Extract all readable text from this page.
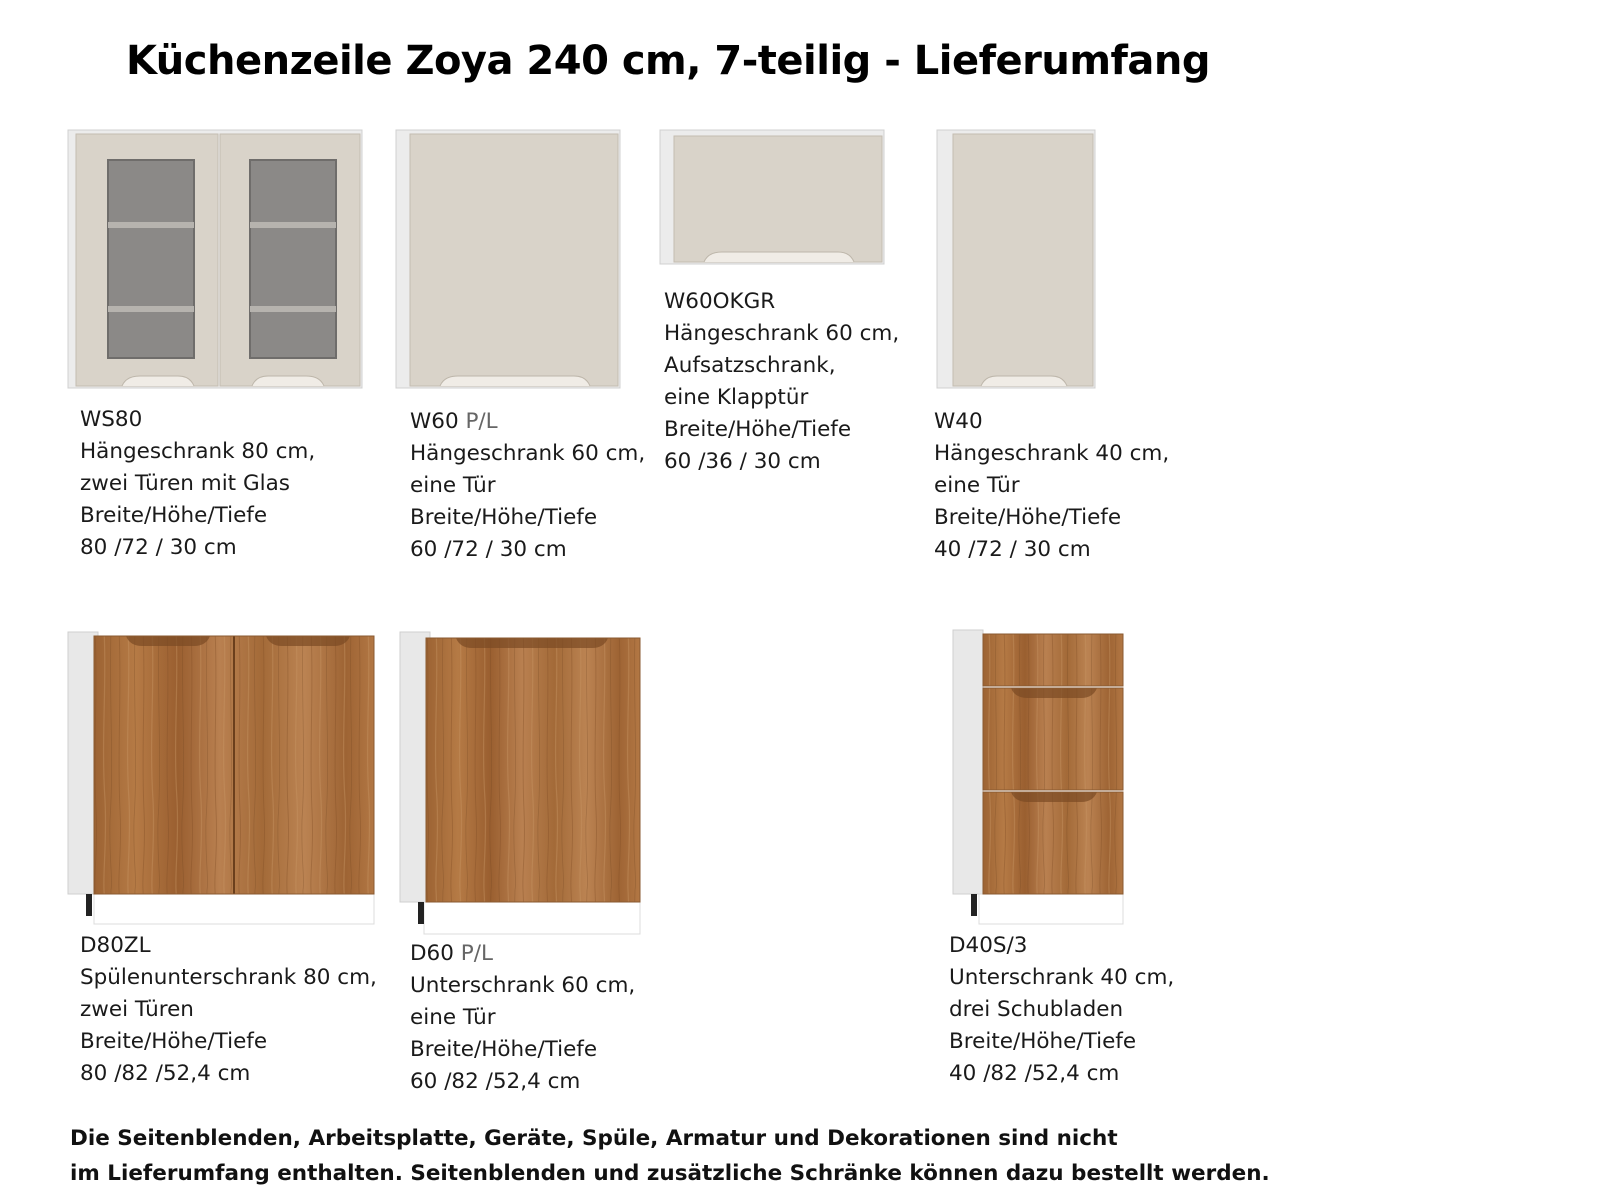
Küchenzeile Zoya 240 cm, 7-teilig - Lieferumfang
WS80
Hängeschrank 80 cm,
zwei Türen mit Glas
Breite/Höhe/Tiefe
80 /72 / 30 cm
W60 P/L
Hängeschrank 60 cm,
eine Tür
Breite/Höhe/Tiefe
60 /72 / 30 cm
W60OKGR
Hängeschrank 60 cm,
Aufsatzschrank,
eine Klapptür
Breite/Höhe/Tiefe
60 /36 / 30 cm
W40
Hängeschrank 40 cm,
eine Tür
Breite/Höhe/Tiefe
40 /72 / 30 cm
D80ZL
Spülenunterschrank 80 cm,
zwei Türen
Breite/Höhe/Tiefe
80 /82 /52,4 cm
D60 P/L
Unterschrank 60 cm,
eine Tür
Breite/Höhe/Tiefe
60 /82 /52,4 cm
D40S/3
Unterschrank 40 cm,
drei Schubladen
Breite/Höhe/Tiefe
40 /82 /52,4 cm
Die Seitenblenden, Arbeitsplatte, Geräte, Spüle, Armatur und Dekorationen sind nicht
im Lieferumfang enthalten. Seitenblenden und zusätzliche Schränke können dazu bestellt werden.
